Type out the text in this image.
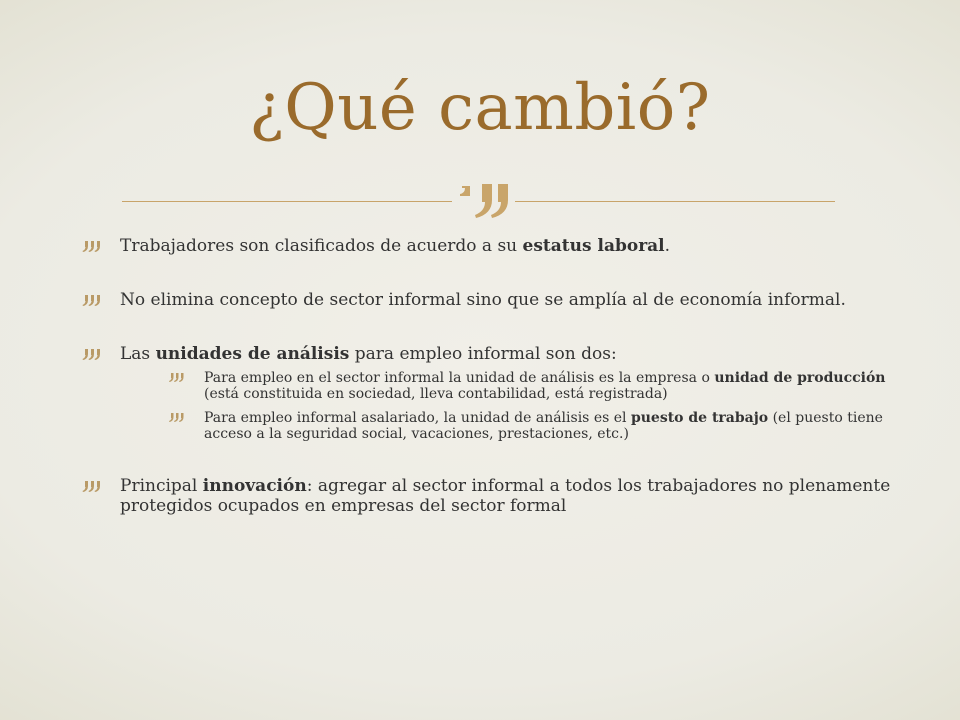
¿Qué cambió?
Trabajadores son clasificados de acuerdo a su estatus laboral.
No elimina concepto de sector informal sino que se amplía al de economía informal.
Las unidades de análisis para empleo informal son dos:
Para empleo en el sector informal la unidad de análisis es la empresa o unidad de producción (está constituida en sociedad, lleva contabilidad, está registrada)
Para empleo informal asalariado, la unidad de análisis es el puesto de trabajo (el puesto tiene acceso a la seguridad social, vacaciones, prestaciones, etc.)
Principal innovación: agregar al sector informal a todos los trabajadores no plenamente protegidos ocupados en empresas del sector formal
